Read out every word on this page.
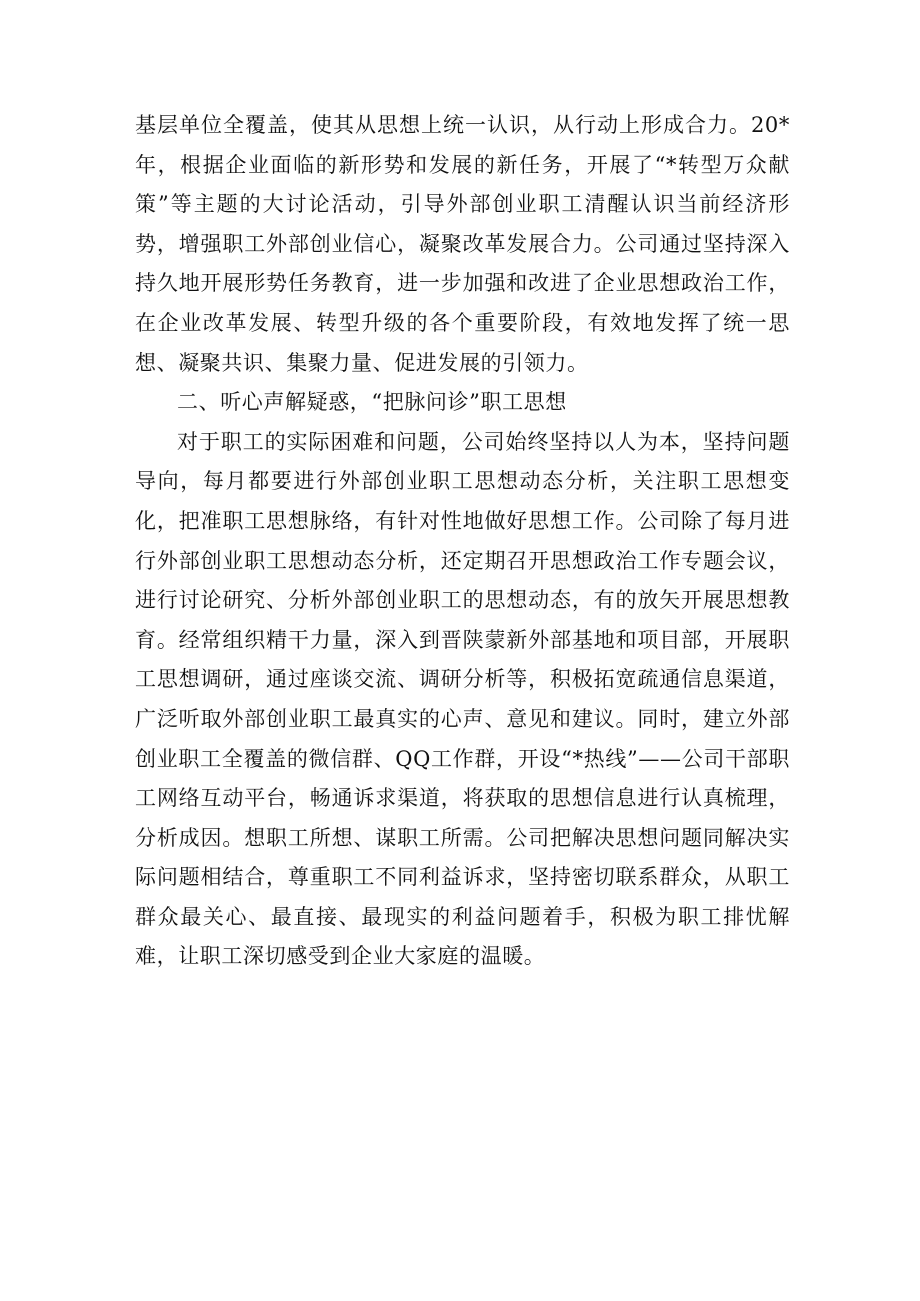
基层单位全覆盖，使其从思想上统一认识，从行动上形成合力。20*年，根据企业面临的新形势和发展的新任务，开展了“*转型万众献策”等主题的大讨论活动，引导外部创业职工清醒认识当前经济形势，增强职工外部创业信心，凝聚改革发展合力。公司通过坚持深入持久地开展形势任务教育，进一步加强和改进了企业思想政治工作，在企业改革发展、转型升级的各个重要阶段，有效地发挥了统一思想、凝聚共识、集聚力量、促进发展的引领力。

二、听心声解疑惑，“把脉问诊”职工思想

对于职工的实际困难和问题，公司始终坚持以人为本，坚持问题导向，每月都要进行外部创业职工思想动态分析，关注职工思想变化，把准职工思想脉络，有针对性地做好思想工作。公司除了每月进行外部创业职工思想动态分析，还定期召开思想政治工作专题会议，进行讨论研究、分析外部创业职工的思想动态，有的放矢开展思想教育。经常组织精干力量，深入到晋陕蒙新外部基地和项目部，开展职工思想调研，通过座谈交流、调研分析等，积极拓宽疏通信息渠道，广泛听取外部创业职工最真实的心声、意见和建议。同时，建立外部创业职工全覆盖的微信群、QQ工作群，开设“*热线”——公司干部职工网络互动平台，畅通诉求渠道，将获取的思想信息进行认真梳理，分析成因。想职工所想、谋职工所需。公司把解决思想问题同解决实际问题相结合，尊重职工不同利益诉求，坚持密切联系群众，从职工群众最关心、最直接、最现实的利益问题着手，积极为职工排忧解难，让职工深切感受到企业大家庭的温暖。
